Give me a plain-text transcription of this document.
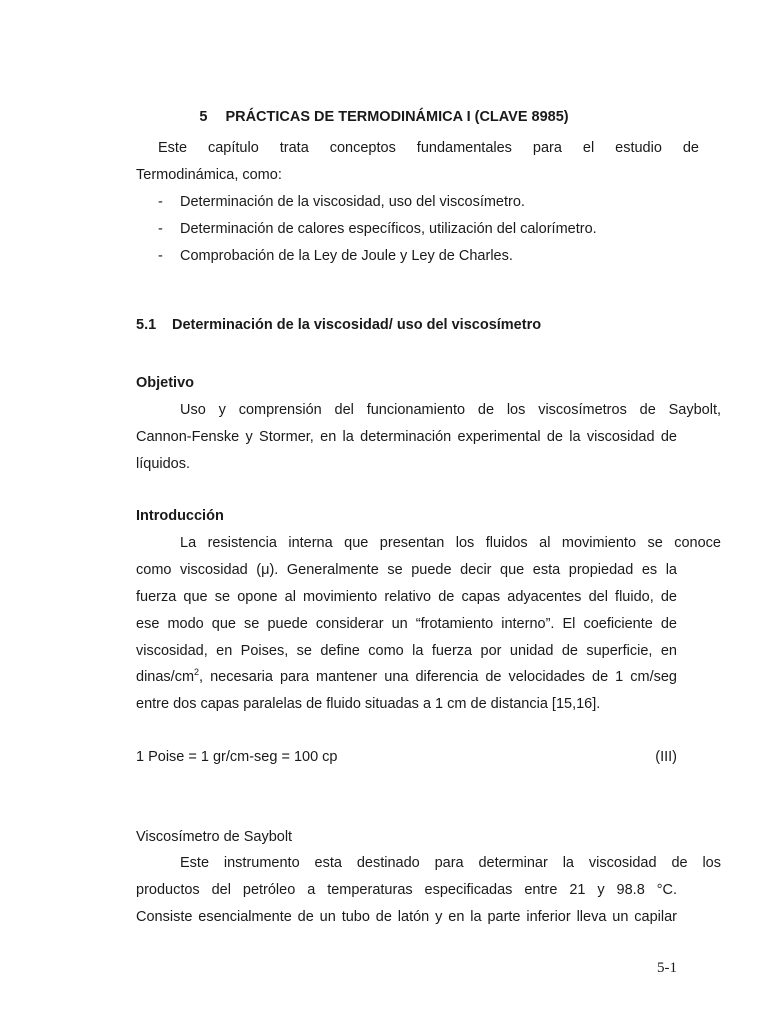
5 PRÁCTICAS DE TERMODINÁMICA I (CLAVE 8985)
Este capítulo trata conceptos fundamentales para el estudio de
Termodinámica, como:
- Determinación de la viscosidad, uso del viscosímetro.
- Determinación de calores específicos, utilización del calorímetro.
- Comprobación de la Ley de Joule y Ley de Charles.
5.1 Determinación de la viscosidad/ uso del viscosímetro
Objetivo
Uso y comprensión del funcionamiento de los viscosímetros de Saybolt,
Cannon-Fenske y Stormer, en la determinación experimental de la viscosidad de
líquidos.
Introducción
La resistencia interna que presentan los fluidos al movimiento se conoce
como viscosidad (μ). Generalmente se puede decir que esta propiedad es la
fuerza que se opone al movimiento relativo de capas adyacentes del fluido, de
ese modo que se puede considerar un “frotamiento interno”. El coeficiente de
viscosidad, en Poises, se define como la fuerza por unidad de superficie, en
dinas/$cm^2$, necesaria para mantener una diferencia de velocidades de 1 cm/seg
entre dos capas paralelas de fluido situadas a 1 cm de distancia [15,16].
1 Poise = 1 gr/cm-seg = 100 cp	(III)
Viscosímetro de Saybolt
Este instrumento esta destinado para determinar la viscosidad de los
productos del petróleo a temperaturas especificadas entre 21 y 98.8 °C.
Consiste esencialmente de un tubo de latón y en la parte inferior lleva un capilar
5-1
